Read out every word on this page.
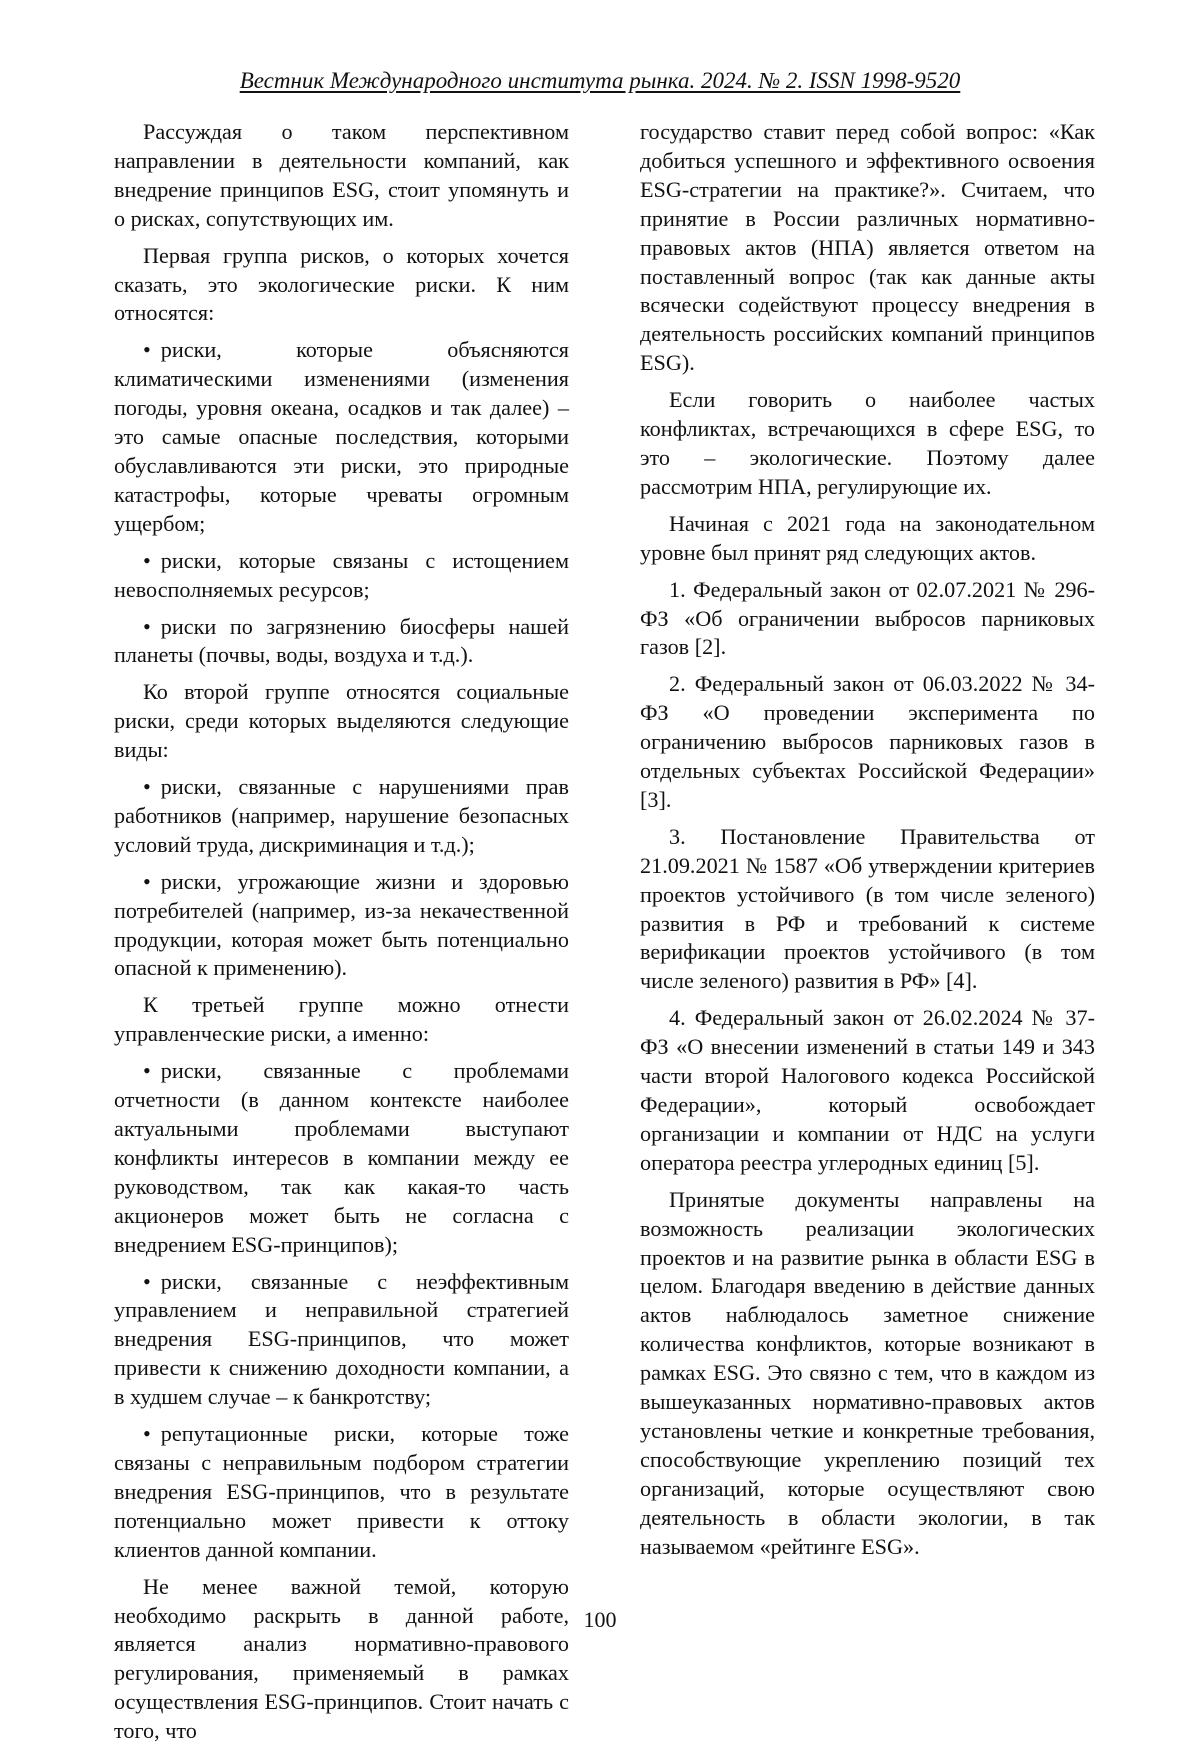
Вестник Международного института рынка. 2024. № 2. ISSN 1998-9520

Рассуждая о таком перспективном направлении в деятельности компаний, как внедрение принципов ESG, стоит упомянуть и о рисках, сопутствующих им.

Первая группа рисков, о которых хочется сказать, это экологические риски. К ним относятся:

• риски, которые объясняются климатическими изменениями (изменения погоды, уровня океана, осадков и так далее) – это самые опасные последствия, которыми обуславливаются эти риски, это природные катастрофы, которые чреваты огромным ущербом;

• риски, которые связаны с истощением невосполняемых ресурсов;

• риски по загрязнению биосферы нашей планеты (почвы, воды, воздуха и т.д.).

Ко второй группе относятся социальные риски, среди которых выделяются следующие виды:

• риски, связанные с нарушениями прав работников (например, нарушение безопасных условий труда, дискриминация и т.д.);

• риски, угрожающие жизни и здоровью потребителей (например, из-за некачественной продукции, которая может быть потенциально опасной к применению).

К третьей группе можно отнести управленческие риски, а именно:

• риски, связанные с проблемами отчетности (в данном контексте наиболее актуальными проблемами выступают конфликты интересов в компании между ее руководством, так как какая-то часть акционеров может быть не согласна с внедрением ESG-принципов);

• риски, связанные с неэффективным управлением и неправильной стратегией внедрения ESG-принципов, что может привести к снижению доходности компании, а в худшем случае – к банкротству;

• репутационные риски, которые тоже связаны с неправильным подбором стратегии внедрения ESG-принципов, что в результате потенциально может привести к оттоку клиентов данной компании.

Не менее важной темой, которую необходимо раскрыть в данной работе, является анализ нормативно-правового регулирования, применяемый в рамках осуществления ESG-принципов. Стоит начать с того, что

государство ставит перед собой вопрос: «Как добиться успешного и эффективного освоения ESG-стратегии на практике?». Считаем, что принятие в России различных нормативно-правовых актов (НПА) является ответом на поставленный вопрос (так как данные акты всячески содействуют процессу внедрения в деятельность российских компаний принципов ESG).

Если говорить о наиболее частых конфликтах, встречающихся в сфере ESG, то это – экологические. Поэтому далее рассмотрим НПА, регулирующие их.

Начиная с 2021 года на законодательном уровне был принят ряд следующих актов.

1. Федеральный закон от 02.07.2021 № 296-ФЗ «Об ограничении выбросов парниковых газов [2].

2. Федеральный закон от 06.03.2022 № 34-ФЗ «О проведении эксперимента по ограничению выбросов парниковых газов в отдельных субъектах Российской Федерации» [3].

3. Постановление Правительства от 21.09.2021 № 1587 «Об утверждении критериев проектов устойчивого (в том числе зеленого) развития в РФ и требований к системе верификации проектов устойчивого (в том числе зеленого) развития в РФ» [4].

4. Федеральный закон от 26.02.2024 № 37-ФЗ «О внесении изменений в статьи 149 и 343 части второй Налогового кодекса Российской Федерации», который освобождает организации и компании от НДС на услуги оператора реестра углеродных единиц [5].

Принятые документы направлены на возможность реализации экологических проектов и на развитие рынка в области ESG в целом. Благодаря введению в действие данных актов наблюдалось заметное снижение количества конфликтов, которые возникают в рамках ESG. Это связно с тем, что в каждом из вышеуказанных нормативно-правовых актов установлены четкие и конкретные требования, способствующие укреплению позиций тех организаций, которые осуществляют свою деятельность в области экологии, в так называемом «рейтинге ESG».

100
